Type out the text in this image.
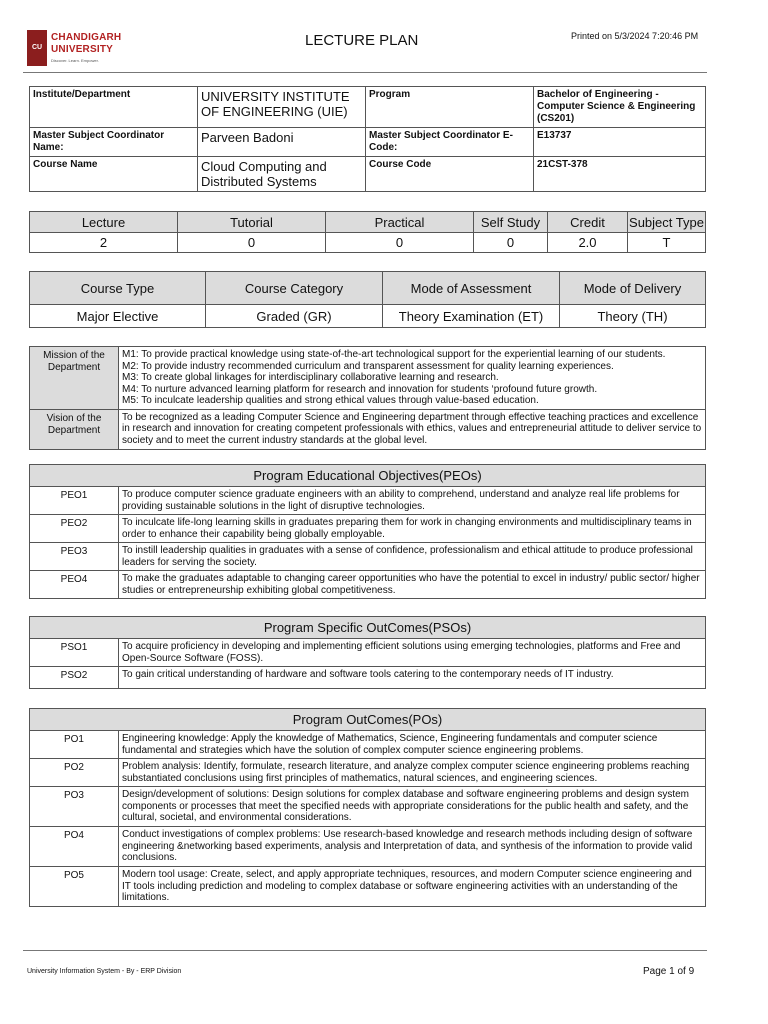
CU
CHANDIGARH
UNIVERSITY
Discover. Learn. Empower.
LECTURE PLAN	Printed on 5/3/2024 7:20:46 PM
Institute/Department	UNIVERSITY INSTITUTE OF ENGINEERING (UIE)	Program	Bachelor of Engineering - Computer Science & Engineering (CS201)
Master Subject Coordinator Name:	Parveen Badoni	Master Subject Coordinator E-Code:	E13737
Course Name	Cloud Computing and Distributed Systems	Course Code	21CST-378
Lecture	Tutorial	Practical	Self Study	Credit	Subject Type
2	0	0	0	2.0	T
Course Type	Course Category	Mode of Assessment	Mode of Delivery
Major Elective	Graded (GR)	Theory Examination (ET)	Theory (TH)
Mission of the Department	M1: To provide practical knowledge using state-of-the-art technological support for the experiential learning of our students.
M2: To provide industry recommended curriculum and transparent assessment for quality learning experiences.
M3: To create global linkages for interdisciplinary collaborative learning and research.
M4: To nurture advanced learning platform for research and innovation for students ‘profound future growth.
M5: To inculcate leadership qualities and strong ethical values through value-based education.

Vision of the Department	To be recognized as a leading Computer Science and Engineering department through effective teaching practices and excellence in research and innovation for creating competent professionals with ethics, values and entrepreneurial attitude to deliver service to society and to meet the current industry standards at the global level.
Program Educational Objectives(PEOs)	
PEO1	To produce computer science graduate engineers with an ability to comprehend, understand and analyze real life problems for providing sustainable solutions in the light of disruptive technologies.
PEO2	To inculcate life-long learning skills in graduates preparing them for work in changing environments and multidisciplinary teams in order to enhance their capability being globally employable.
PEO3	To instill leadership qualities in graduates with a sense of confidence, professionalism and ethical attitude to produce professional leaders for serving the society.
PEO4	To make the graduates adaptable to changing career opportunities who have the potential to excel in industry/ public sector/ higher studies or entrepreneurship exhibiting global competitiveness.
Program Specific OutComes(PSOs)	
PSO1	To acquire proficiency in developing and implementing efficient solutions using emerging technologies, platforms and Free and Open-Source Software (FOSS).
PSO2	To gain critical understanding of hardware and software tools catering to the contemporary needs of IT industry.
Program OutComes(POs)	
PO1	Engineering knowledge: Apply the knowledge of Mathematics, Science, Engineering fundamentals and computer science fundamental and strategies which have the solution of complex computer science engineering problems.
PO2	Problem analysis: Identify, formulate, research literature, and analyze complex computer science engineering problems reaching substantiated conclusions using first principles of mathematics, natural sciences, and engineering sciences.
PO3	Design/development of solutions: Design solutions for complex database and software engineering problems and design system components or processes that meet the specified needs with appropriate considerations for the public health and safety, and the cultural, societal, and environmental considerations.
PO4	Conduct investigations of complex problems: Use research-based knowledge and research methods including design of software engineering &networking based experiments, analysis and Interpretation of data, and synthesis of the information to provide valid conclusions.
PO5	Modern tool usage: Create, select, and apply appropriate techniques, resources, and modern Computer science engineering and IT tools including prediction and modeling to complex database or software engineering activities with an understanding of the limitations.
University Information System - By - ERP Division	Page 1 of 9
